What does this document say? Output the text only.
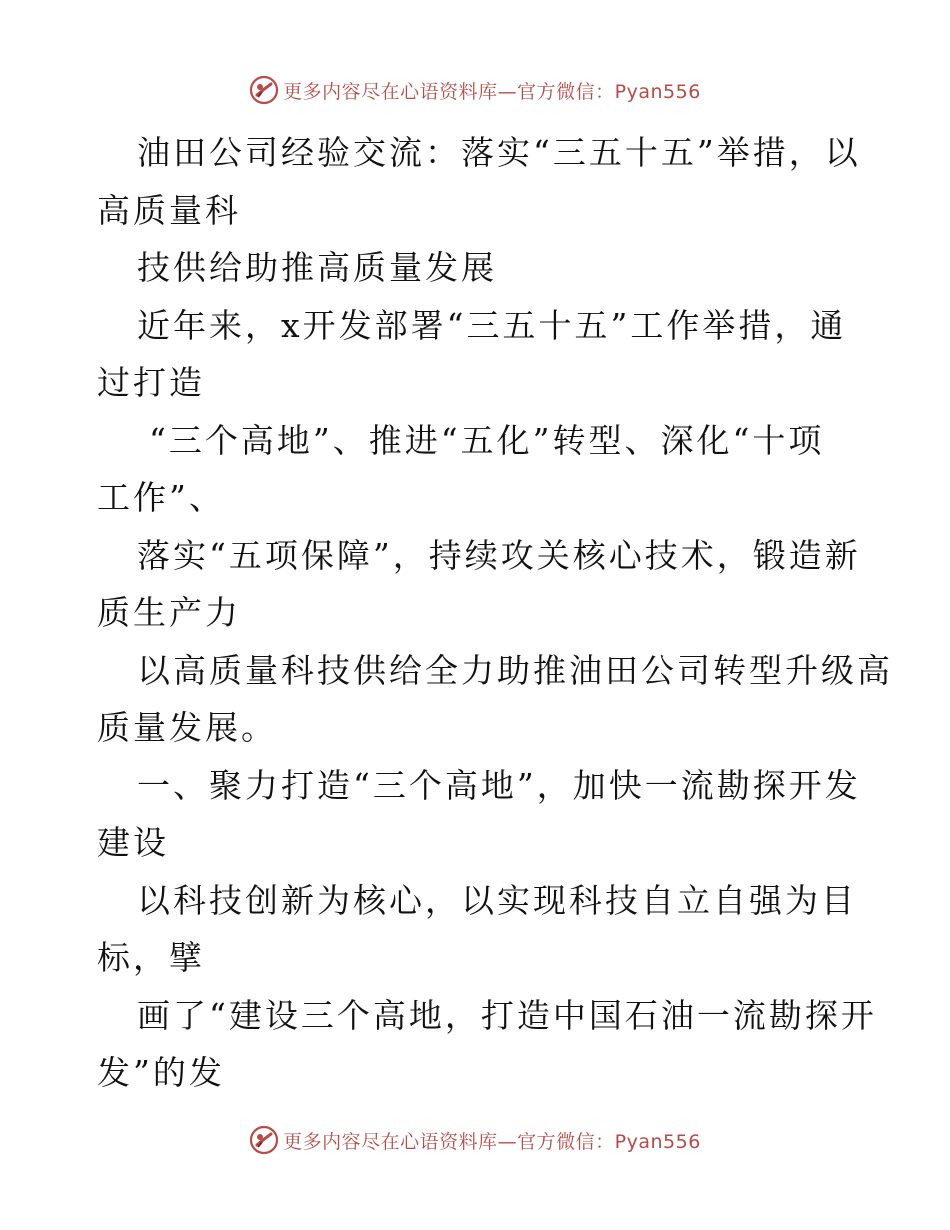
更多内容尽在心语资料库—官方微信：Pyan556
油田公司经验交流：落实“三五十五”举措，以
高质量科
技供给助推高质量发展
近年来，x开发部署“三五十五”工作举措，通
过打造
“三个高地”、推进“五化”转型、深化“十项
工作”、
落实“五项保障”，持续攻关核心技术，锻造新
质生产力
以高质量科技供给全力助推油田公司转型升级高
质量发展。
一、聚力打造“三个高地”，加快一流勘探开发
建设
以科技创新为核心，以实现科技自立自强为目
标，擘
画了“建设三个高地，打造中国石油一流勘探开
发”的发
更多内容尽在心语资料库—官方微信：Pyan556
